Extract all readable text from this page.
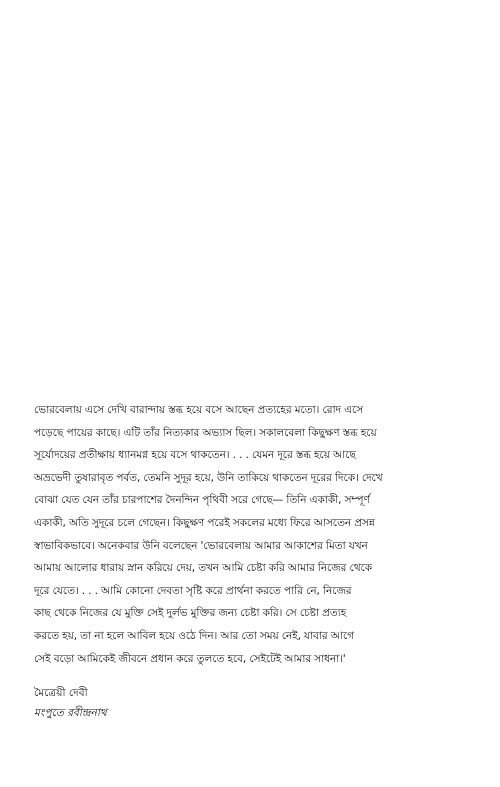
ভোরবেলায় এসে দেখি বারান্দায় স্তব্ধ হয়ে বসে আছেন প্রত্যহের মতো। রোদ এসে
পড়েছে পায়ের কাছে। এটি তাঁর নিত্যকার অভ্যাস ছিল। সকালবেলা কিছুক্ষণ স্তব্ধ হয়ে
সূর্যোদয়ের প্রতীক্ষায় ধ্যানমগ্ন হয়ে বসে থাকতেন। . . . যেমন দূরে স্তব্ধ হয়ে আছে
অভ্রভেদী তুষারাবৃত পর্বত, তেমনি সুদূর হয়ে, উনি তাকিয়ে থাকতেন দূরের দিকে। দেখে
বোঝা যেত যেন তাঁর চারপাশের দৈনন্দিন পৃথিবী সরে গেছে— তিনি একাকী, সম্পূর্ণ
একাকী, অতি সুদূরে চলে গেছেন। কিছুক্ষণ পরেই সকলের মধ্যে ফিরে আসতেন প্রসন্ন
স্বাভাবিকভাবে। অনেকবার উনি বলেছেন 'ভোরবেলায় আমার আকাশের মিতা যখন
আমায় আলোর ধারায় স্নান করিয়ে দেয়, তখন আমি চেষ্টা করি আমার নিজের থেকে
দূরে যেতে। . . . আমি কোনো দেবতা সৃষ্টি করে প্রার্থনা করতে পারি নে, নিজের
কাছ থেকে নিজের যে মুক্তি সেই দুর্লভ মুক্তির জন্য চেষ্টা করি। সে চেষ্টা প্রত্যহ
করতে হয়, তা না হলে আবিল হয়ে ওঠে দিন। আর তো সময় নেই, যাবার আগে
সেই বড়ো আমিকেই জীবনে প্রধান করে তুলতে হবে, সেইটেই আমার সাধনা।'
মৈত্রেয়ী দেবী
মংপুতে রবীন্দ্রনাথ
